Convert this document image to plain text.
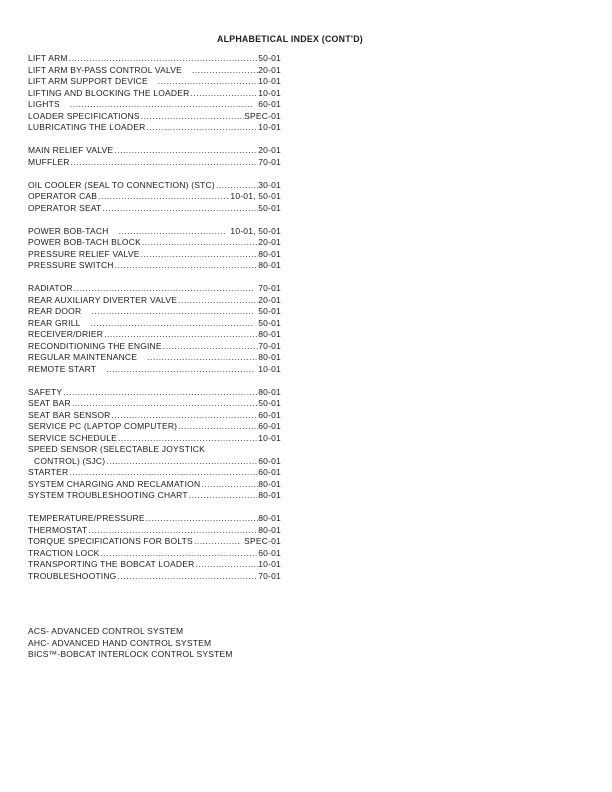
ALPHABETICAL INDEX (CONT'D)
LIFT ARM .....	50-01
LIFT ARM BY-PASS CONTROL VALVE .....	20-01
LIFT ARM SUPPORT DEVICE .....	10-01
LIFTING AND BLOCKING THE LOADER .....	10-01
LIGHTS .....	60-01
LOADER SPECIFICATIONS .....	SPEC-01
LUBRICATING THE LOADER .....	10-01
MAIN RELIEF VALVE .....	20-01
MUFFLER .....	70-01
OIL COOLER (SEAL TO CONNECTION) (STC) .....	30-01
OPERATOR CAB .....	10-01, 50-01
OPERATOR SEAT .....	50-01
POWER BOB-TACH .....	10-01, 50-01
POWER BOB-TACH BLOCK .....	20-01
PRESSURE RELIEF VALVE .....	80-01
PRESSURE SWITCH .....	80-01
RADIATOR .....	70-01
REAR AUXILIARY DIVERTER VALVE .....	20-01
REAR DOOR .....	50-01
REAR GRILL .....	50-01
RECEIVER/DRIER .....	80-01
RECONDITIONING THE ENGINE .....	70-01
REGULAR MAINTENANCE .....	80-01
REMOTE START .....	10-01
SAFETY .....	80-01
SEAT BAR .....	50-01
SEAT BAR SENSOR .....	60-01
SERVICE PC (LAPTOP COMPUTER) .....	60-01
SERVICE SCHEDULE .....	10-01
SPEED SENSOR (SELECTABLE JOYSTICK
CONTROL) (SJC) .....	60-01
STARTER .....	60-01
SYSTEM CHARGING AND RECLAMATION .....	80-01
SYSTEM TROUBLESHOOTING CHART .....	80-01
TEMPERATURE/PRESSURE .....	80-01
THERMOSTAT .....	80-01
TORQUE SPECIFICATIONS FOR BOLTS .....	SPEC-01
TRACTION LOCK .....	60-01
TRANSPORTING THE BOBCAT LOADER .....	10-01
TROUBLESHOOTING .....	70-01
ACS- ADVANCED CONTROL SYSTEM
AHC- ADVANCED HAND CONTROL SYSTEM
BICS™-BOBCAT INTERLOCK CONTROL SYSTEM
